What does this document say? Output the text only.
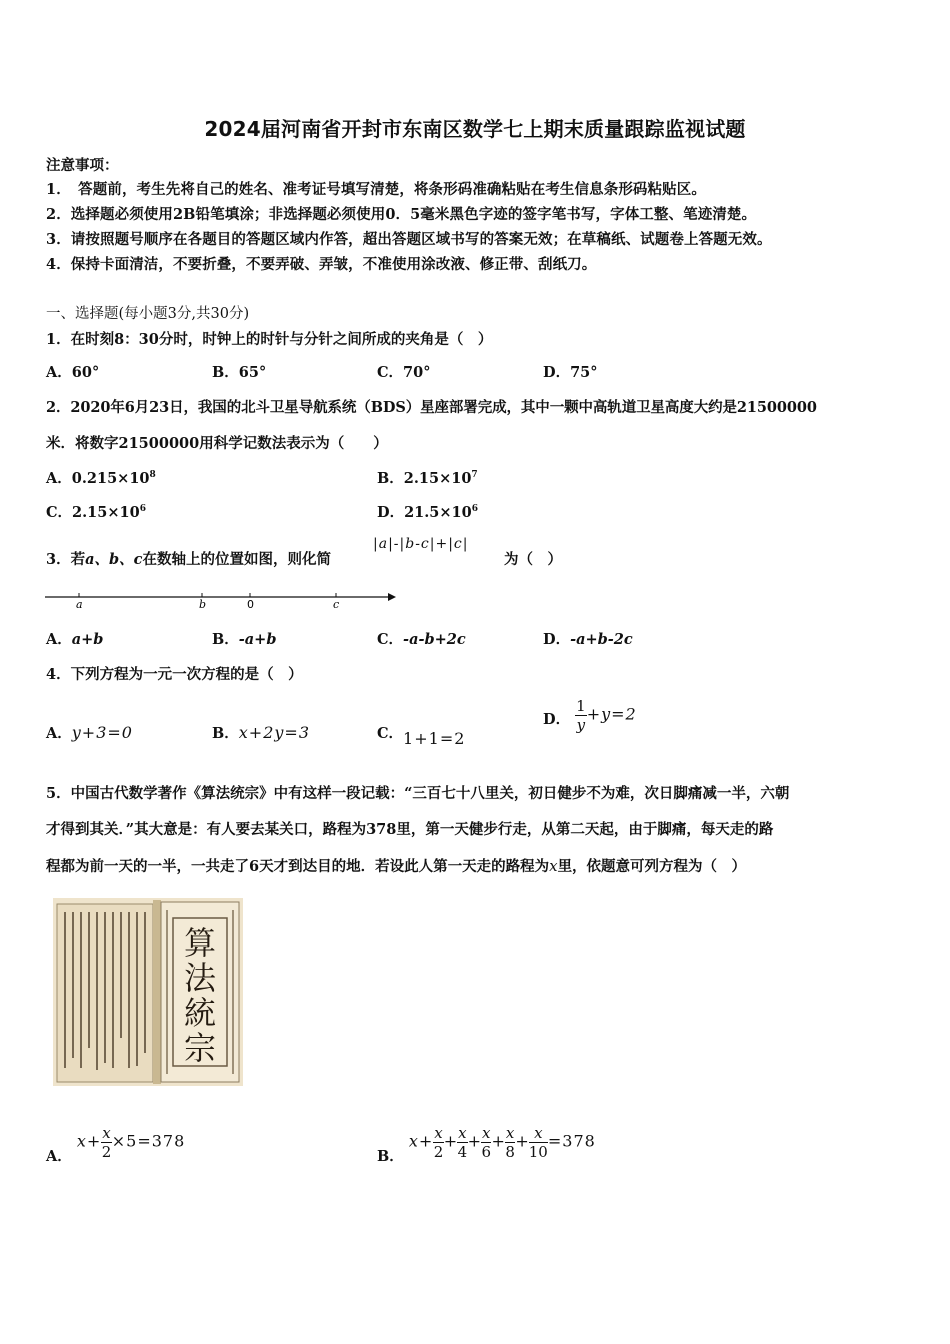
2024届河南省开封市东南区数学七上期末质量跟踪监视试题
注意事项：
1．　答题前，考生先将自己的姓名、准考证号填写清楚，将条形码准确粘贴在考生信息条形码粘贴区。
2．选择题必须使用2B铅笔填涂；非选择题必须使用0．5毫米黑色字迹的签字笔书写，字体工整、笔迹清楚。
3．请按照题号顺序在各题目的答题区域内作答，超出答题区域书写的答案无效；在草稿纸、试题卷上答题无效。
4．保持卡面清洁，不要折叠，不要弄破、弄皱，不准使用涂改液、修正带、刮纸刀。
一、选择题(每小题3分,共30分)
1．在时刻8：30分时，时钟上的时针与分针之间所成的夹角是（　）
A．60°	B．65°	C．70°	D．75°
2．2020年6月23日，我国的北斗卫星导航系统（BDS）星座部署完成，其中一颗中高轨道卫星高度大约是21500000
米．将数字21500000用科学记数法表示为（　　）
A．$0.215\times 10^8$	B．$2.15\times 10^7$
C．$2.15\times 10^6$	D．$21.5\times 10^6$
3．若a、b、c在数轴上的位置如图，则化简
|a|-|b-c|+|c|
为（　）
a	b	0	c
A．a+b	B．-a+b	C．-a-b+2c	D．-a+b-2c
4．下列方程为一元一次方程的是（　）
A．y+3=0	B．x+2y=3	C．1+1=2
D． $\frac{1}{y} +y=2$
5．中国古代数学著作《算法统宗》中有这样一段记载：“三百七十八里关，初日健步不为难，次日脚痛减一半，六朝
才得到其关．”其大意是：有人要去某关口，路程为378里，第一天健步行走，从第二天起，由于脚痛，每天走的路
程都为前一天的一半，一共走了6天才到达目的地．若设此人第一天走的路程为x里，依题意可列方程为（　）
算
法
統
宗
A． $x+ \frac{x}{2} \times 5=378$
B． $x+ \frac{x}{2} + \frac{x}{4} + \frac{x}{6} + \frac{x}{8} + \frac{x}{10} =378$
